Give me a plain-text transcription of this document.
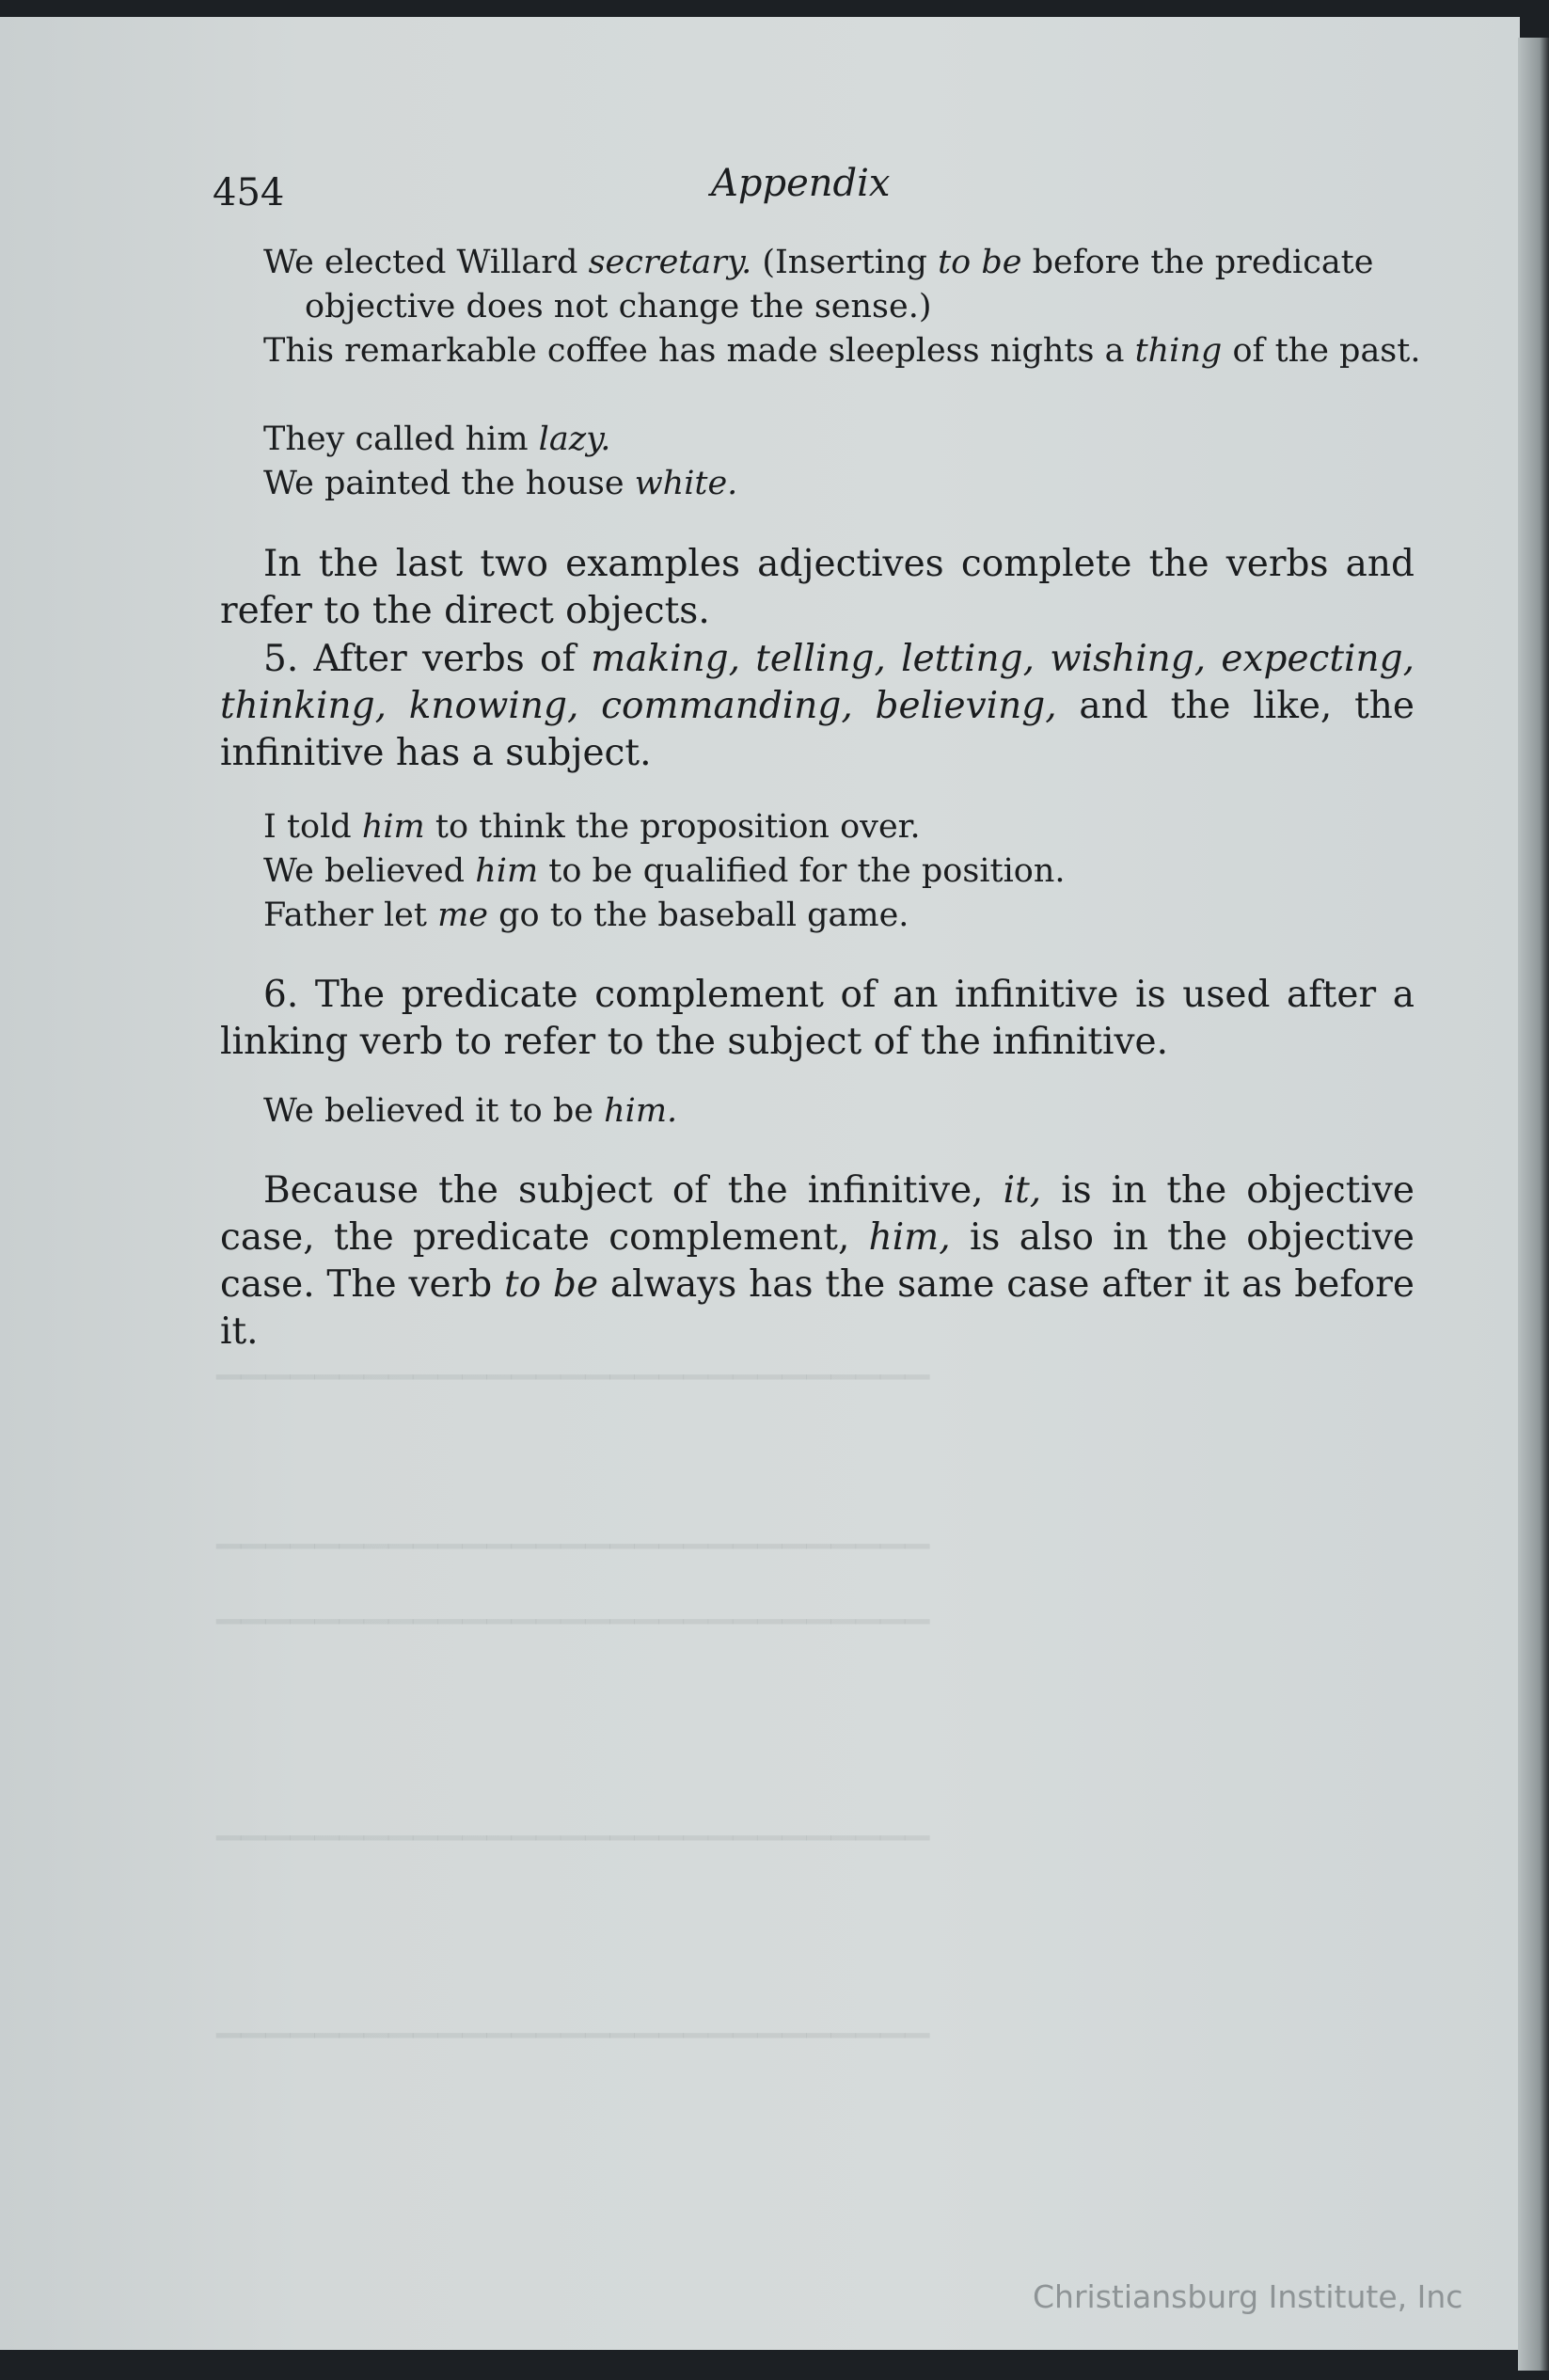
▔▔▔▔▔▔▔▔▔▔▔▔▔▔▔▔▔▔▔▔▔▔▔▔▔▔▔▔▔
▔▔▔▔▔▔▔▔▔▔▔▔▔▔▔▔▔▔▔▔▔▔▔▔▔▔▔▔▔
▔▔▔▔▔▔▔▔▔▔▔▔▔▔▔▔▔▔▔▔▔▔▔▔▔▔▔▔▔
▔▔▔▔▔▔▔▔▔▔▔▔▔▔▔▔▔▔▔▔▔▔▔▔▔▔▔▔▔
▔▔▔▔▔▔▔▔▔▔▔▔▔▔▔▔▔▔▔▔▔▔▔▔▔▔▔▔▔
454	Appendix
We elected Willard secretary. (Inserting to be before the predicate objective does not change the sense.)
This remarkable coffee has made sleepless nights a thing of the past.
They called him lazy.
We painted the house white.
In the last two examples adjectives complete the verbs and refer to the direct objects.
5. After verbs of making, telling, letting, wishing, expecting, thinking, knowing, commanding, believing, and the like, the infinitive has a subject.
I told him to think the proposition over.
We believed him to be qualified for the position.
Father let me go to the baseball game.
6. The predicate complement of an infinitive is used after a linking verb to refer to the subject of the infinitive.
We believed it to be him.
Because the subject of the infinitive, it, is in the objective case, the predicate complement, him, is also in the objective case. The verb to be always has the same case after it as before it.
Christiansburg Institute, Inc
